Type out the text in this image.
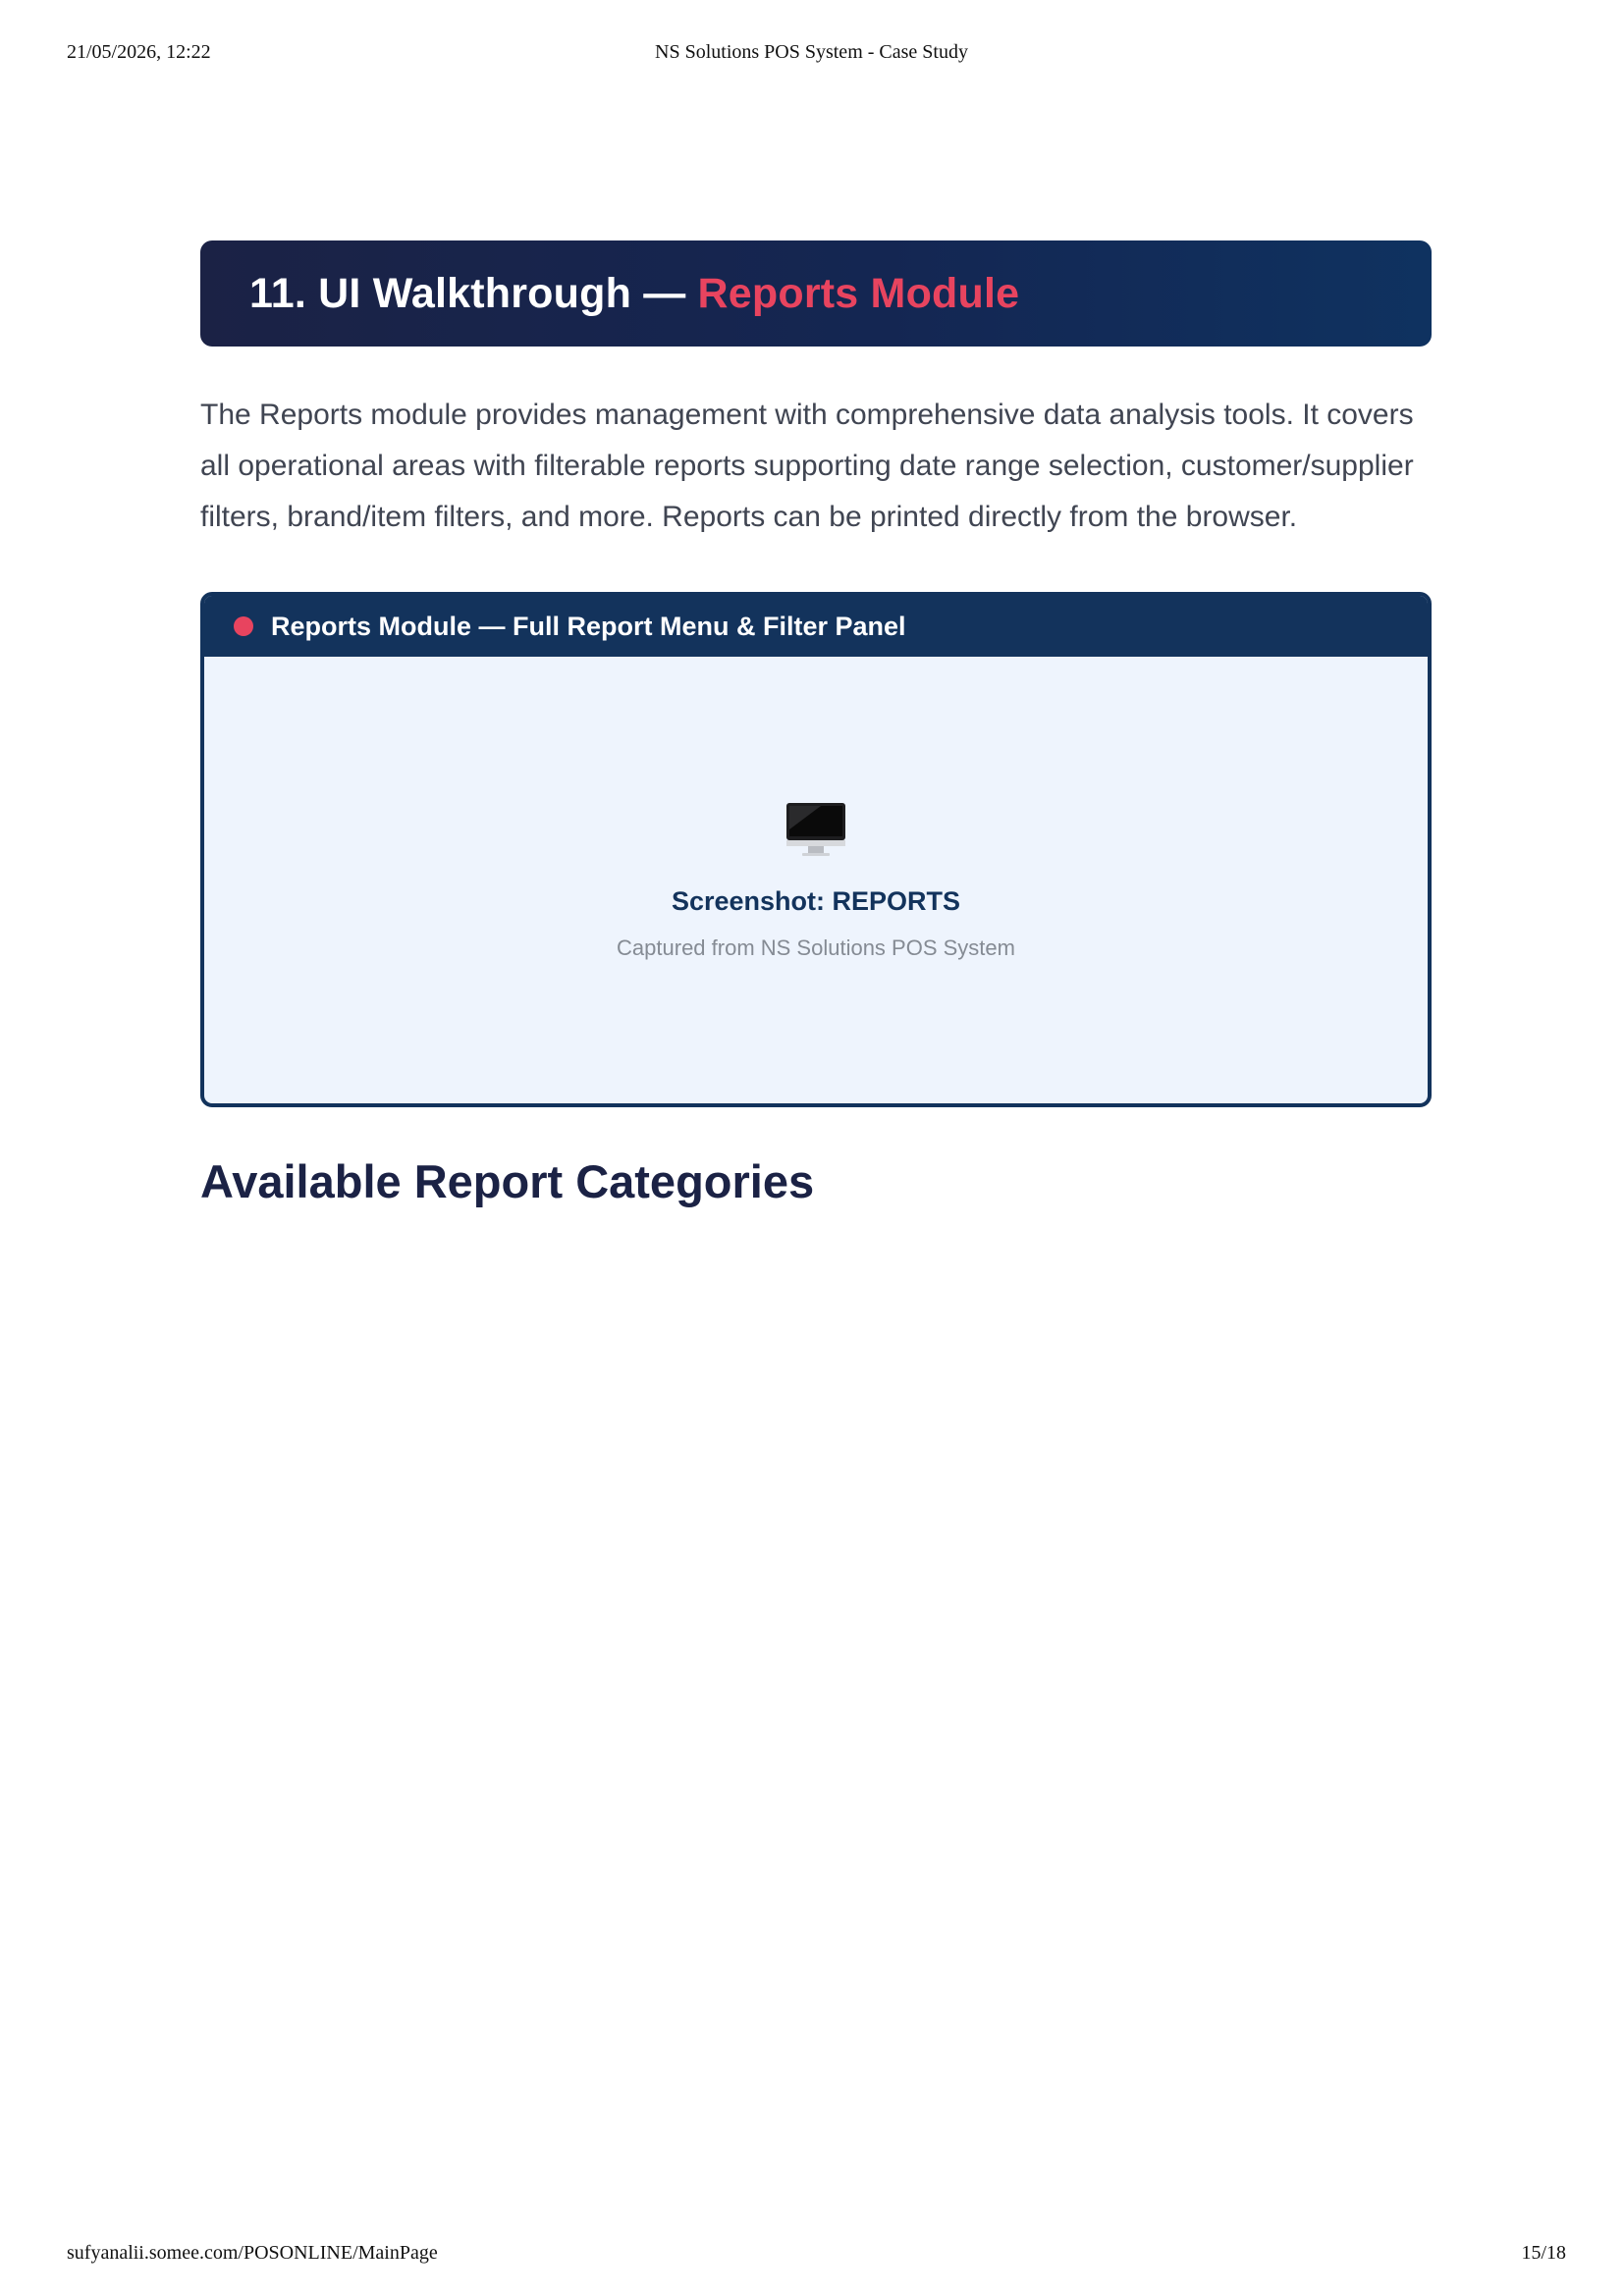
21/05/2026, 12:22	NS Solutions POS System - Case Study
11. UI Walkthrough — Reports Module

The Reports module provides management with comprehensive data analysis tools. It covers all operational areas with filterable reports supporting date range selection, customer/supplier filters, brand/item filters, and more. Reports can be printed directly from the browser.

Reports Module — Full Report Menu & Filter Panel
Screenshot: REPORTS
Captured from NS Solutions POS System
Available Report Categories
sufyanalii.somee.com/POSONLINE/MainPage	15/18
